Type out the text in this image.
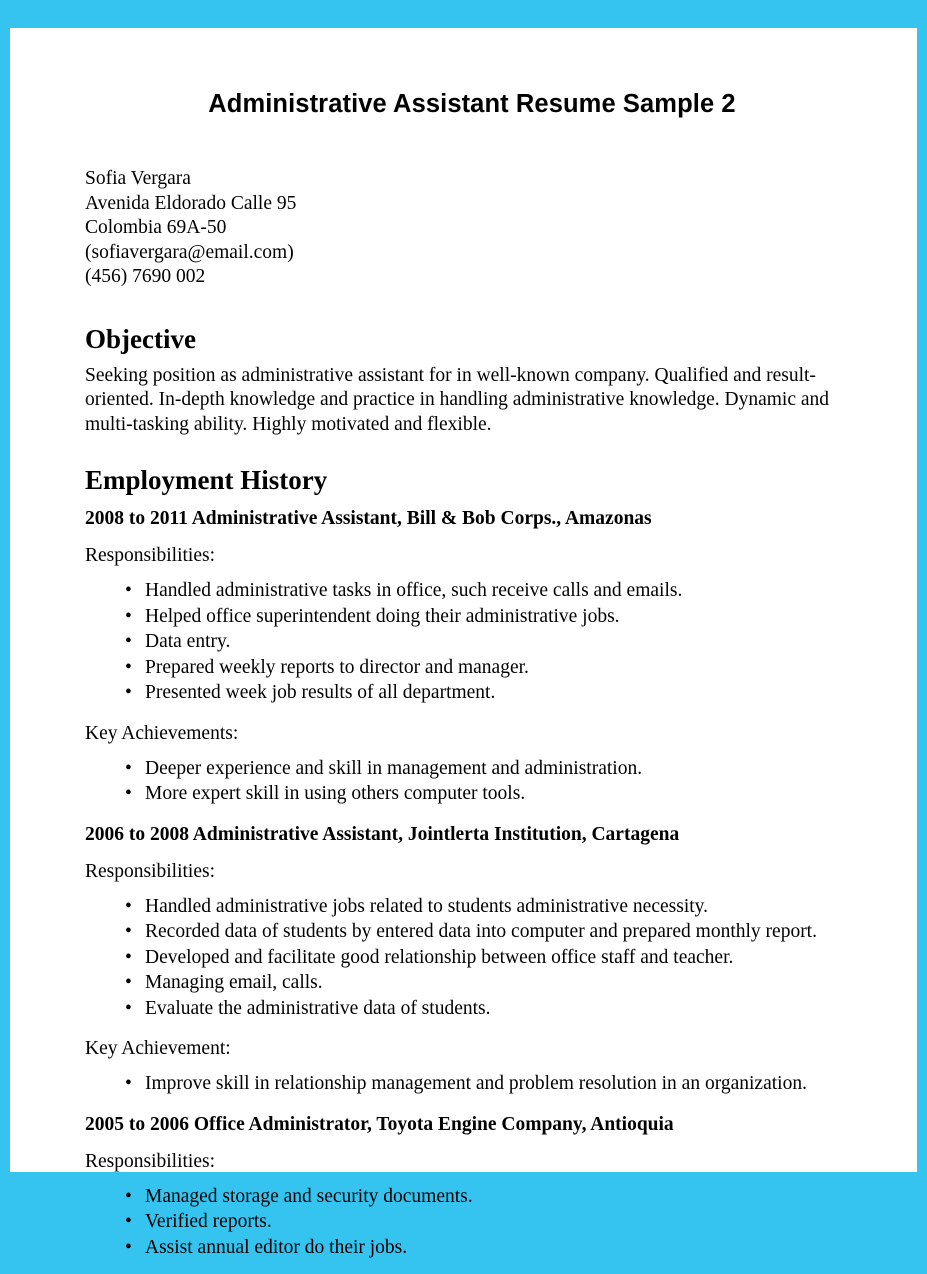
Administrative Assistant Resume Sample 2
Sofia Vergara
Avenida Eldorado Calle 95
Colombia 69A-50
(sofiavergara@email.com)
(456) 7690 002
Objective

Seeking position as administrative assistant for in well-known company. Qualified and result-oriented. In-depth knowledge and practice in handling administrative knowledge. Dynamic and multi-tasking ability. Highly motivated and flexible.

Employment History
2008 to 2011 Administrative Assistant, Bill & Bob Corps., Amazonas
Responsibilities:
• Handled administrative tasks in office, such receive calls and emails.
• Helped office superintendent doing their administrative jobs.
• Data entry.
• Prepared weekly reports to director and manager.
• Presented week job results of all department.
Key Achievements:
• Deeper experience and skill in management and administration.
• More expert skill in using others computer tools.
2006 to 2008 Administrative Assistant, Jointlerta Institution, Cartagena
Responsibilities:
• Handled administrative jobs related to students administrative necessity.
• Recorded data of students by entered data into computer and prepared monthly report.
• Developed and facilitate good relationship between office staff and teacher.
• Managing email, calls.
• Evaluate the administrative data of students.
Key Achievement:
• Improve skill in relationship management and problem resolution in an organization.
2005 to 2006 Office Administrator, Toyota Engine Company, Antioquia
Responsibilities:
• Managed storage and security documents.
• Verified reports.
• Assist annual editor do their jobs.
